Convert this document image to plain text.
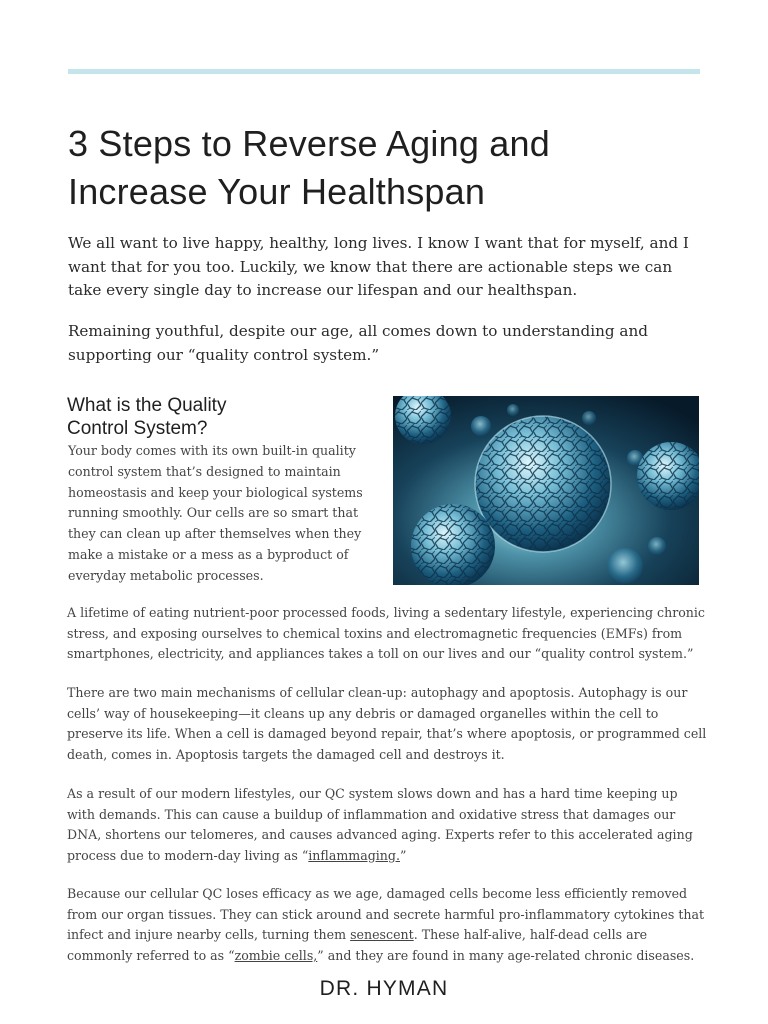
3 Steps to Reverse Aging and
Increase Your Healthspan

We all want to live happy, healthy, long lives. I know I want that for myself, and I want that for you too. Luckily, we know that there are actionable steps we can take every single day to increase our lifespan and our healthspan.

Remaining youthful, despite our age, all comes down to understanding and supporting our “quality control system.”

What is the Quality
Control System?

Your body comes with its own built-in quality control system that’s designed to maintain homeostasis and keep your biological systems running smoothly. Our cells are so smart that they can clean up after themselves when they make a mistake or a mess as a byproduct of everyday metabolic processes.

A lifetime of eating nutrient-poor processed foods, living a sedentary lifestyle, experiencing chronic stress, and exposing ourselves to chemical toxins and electromagnetic frequencies (EMFs) from smartphones, electricity, and appliances takes a toll on our lives and our “quality control system.”

There are two main mechanisms of cellular clean-up: autophagy and apoptosis. Autophagy is our cells’ way of housekeeping—it cleans up any debris or damaged organelles within the cell to preserve its life. When a cell is damaged beyond repair, that’s where apoptosis, or programmed cell death, comes in. Apoptosis targets the damaged cell and destroys it.

As a result of our modern lifestyles, our QC system slows down and has a hard time keeping up with demands. This can cause a buildup of inflammation and oxidative stress that damages our DNA, shortens our telomeres, and causes advanced aging. Experts refer to this accelerated aging process due to modern-day living as “inflammaging.”

Because our cellular QC loses efficacy as we age, damaged cells become less efficiently removed from our organ tissues. They can stick around and secrete harmful pro-inflammatory cytokines that infect and injure nearby cells, turning them senescent. These half-alive, half-dead cells are commonly referred to as “zombie cells,” and they are found in many age-related chronic diseases.

DR. HYMAN
